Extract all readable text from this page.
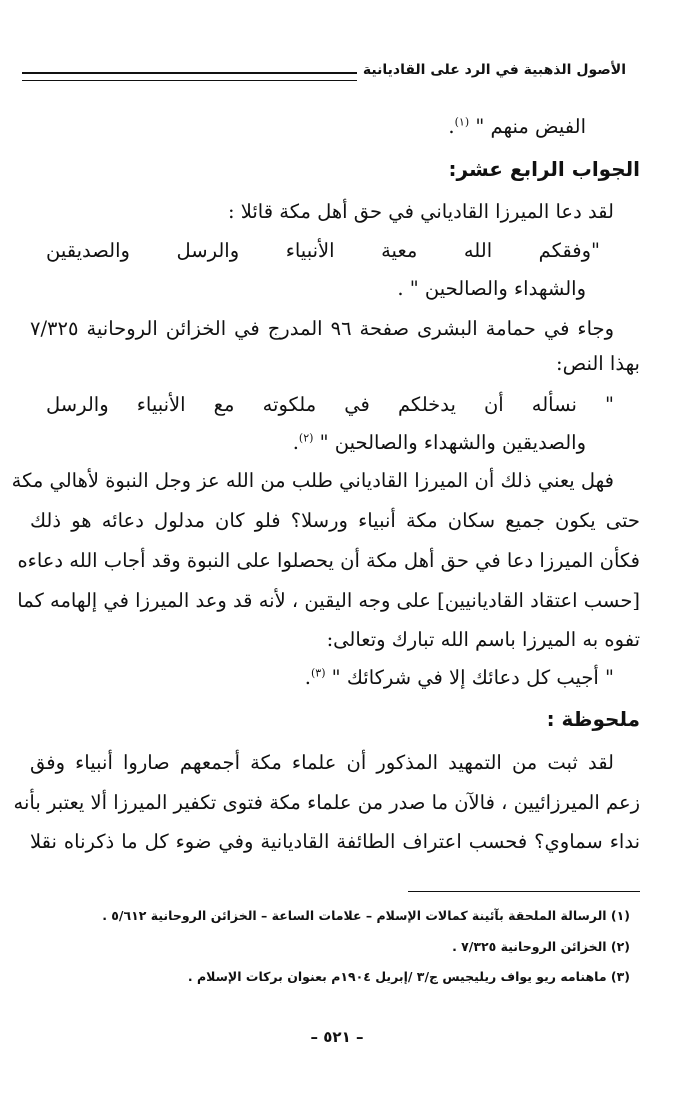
الأصول الذهبية في الرد على القاديانية
الفيض منهم " $^{(١)}$.
الجواب الرابع عشر:
لقد دعا الميرزا القادياني في حق أهل مكة قائلا :
"وفقكم الله معية الأنبياء والرسل والصديقين
والشهداء والصالحين " .
وجاء في حمامة البشرى صفحة ٩٦ المدرج في الخزائن الروحانية ٧/٣٢٥
بهذا النص:
" نسأله أن يدخلكم في ملكوته مع الأنبياء والرسل
والصديقين والشهداء والصالحين " $^{(٢)}$.
فهل يعني ذلك أن الميرزا القادياني طلب من الله عز وجل النبوة لأهالي مكة
حتى يكون جميع سكان مكة أنبياء ورسلا؟ فلو كان مدلول دعائه هو ذلك
فكأن الميرزا دعا في حق أهل مكة أن يحصلوا على النبوة وقد أجاب الله دعاءه
[حسب اعتقاد القاديانيين] على وجه اليقين ، لأنه قد وعد الميرزا في إلهامه كما
تفوه به الميرزا باسم الله تبارك وتعالى:
" أجيب كل دعائك إلا في شركائك " $^{(٣)}$.
ملحوظة :
لقد ثبت من التمهيد المذكور أن علماء مكة أجمعهم صاروا أنبياء وفق
زعم الميرزائيين ، فالآن ما صدر من علماء مكة فتوى تكفير الميرزا ألا يعتبر بأنه
نداء سماوي؟ فحسب اعتراف الطائفة القاديانية وفي ضوء كل ما ذكرناه نقلا
(١) الرسالة الملحقة بآئينة كمالات الإسلام – علامات الساعة – الخزائن الروحانية ٥/٦١٢ .
(٢) الخزائن الروحانية ٧/٣٢٥ .
(٣) ماهنامه ريو يواف ريليجيس ج/٣ /إبريل ١٩٠٤م بعنوان بركات الإسلام .
– ٥٢١ –
